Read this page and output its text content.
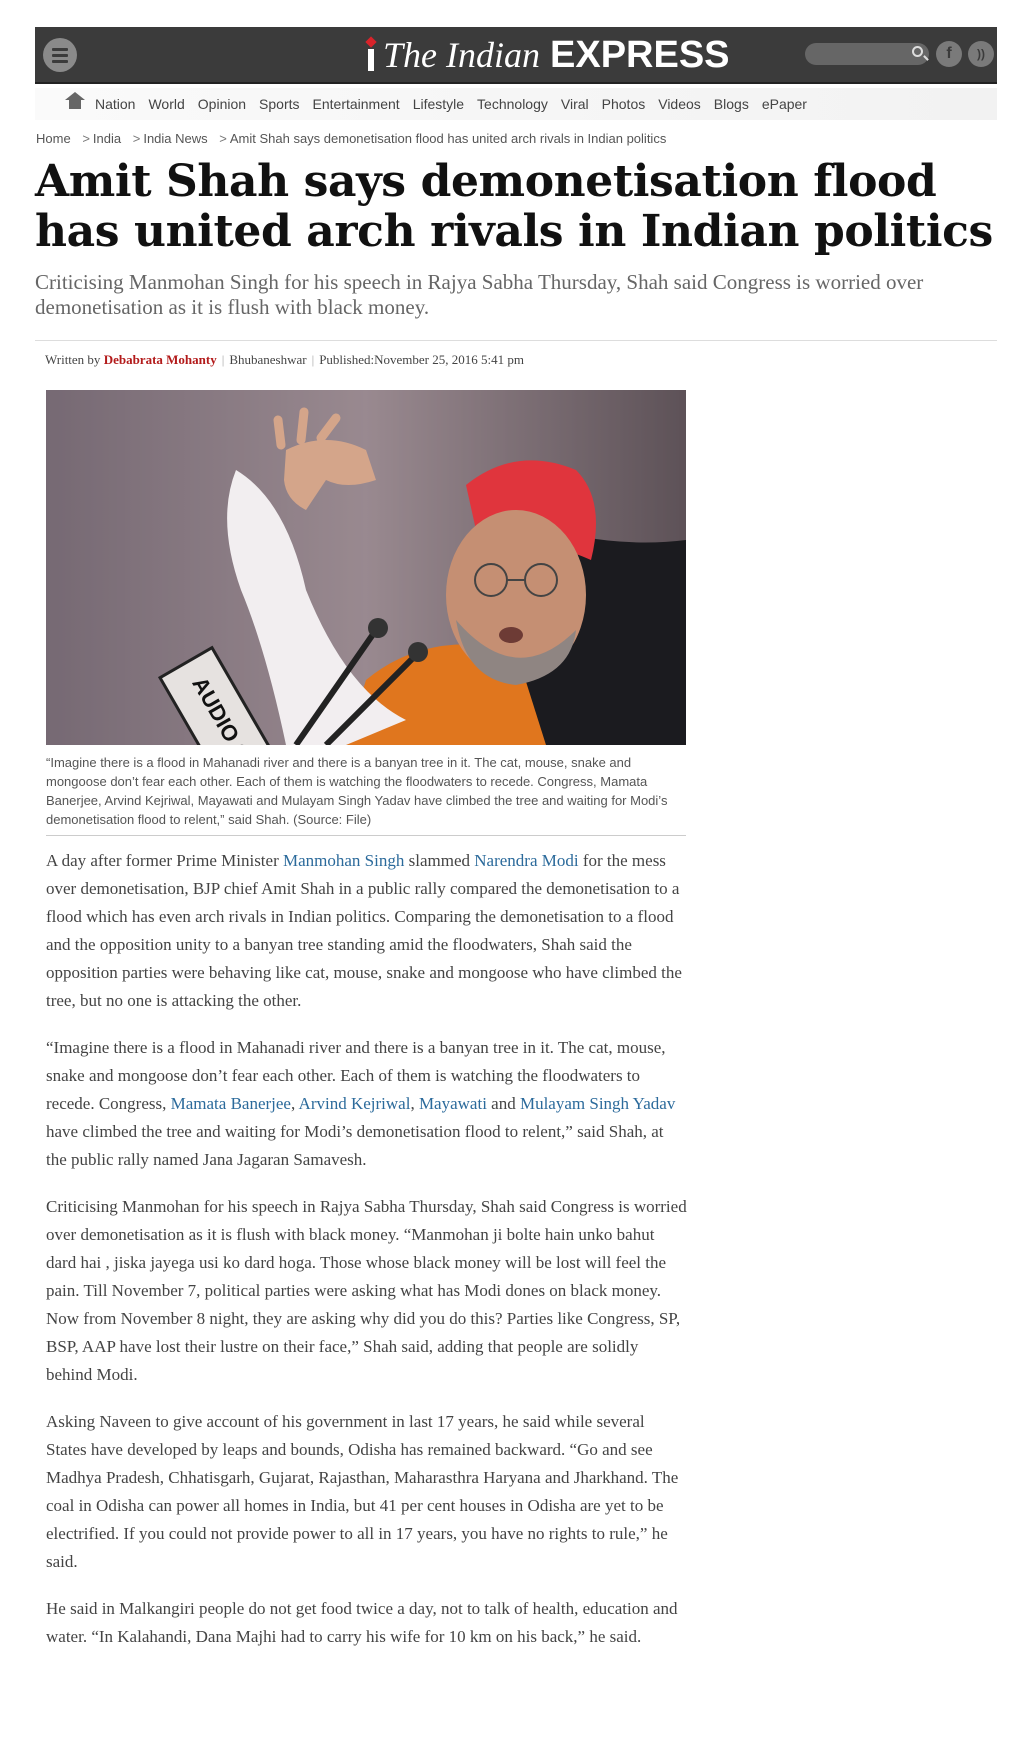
The Indian EXPRESS	f	))
Nation World Opinion Sports Entertainment Lifestyle Technology Viral Photos Videos Blogs ePaper
Home > India > India News > Amit Shah says demonetisation flood has united arch rivals in Indian politics
Amit Shah says demonetisation flood has united arch rivals in Indian politics

Criticising Manmohan Singh for his speech in Rajya Sabha Thursday, Shah said Congress is worried over demonetisation as it is flush with black money.

Written by Debabrata Mohanty | Bhubaneshwar | Published:November 25, 2016 5:41 pm
AUDIO
“Imagine there is a flood in Mahanadi river and there is a banyan tree in it. The cat, mouse, snake and mongoose don’t fear each other. Each of them is watching the floodwaters to recede. Congress, Mamata Banerjee, Arvind Kejriwal, Mayawati and Mulayam Singh Yadav have climbed the tree and waiting for Modi’s demonetisation flood to relent,” said Shah. (Source: File)

A day after former Prime Minister Manmohan Singh slammed Narendra Modi for the mess over demonetisation, BJP chief Amit Shah in a public rally compared the demonetisation to a flood which has even arch rivals in Indian politics. Comparing the demonetisation to a flood and the opposition unity to a banyan tree standing amid the floodwaters, Shah said the opposition parties were behaving like cat, mouse, snake and mongoose who have climbed the tree, but no one is attacking the other.

“Imagine there is a flood in Mahanadi river and there is a banyan tree in it. The cat, mouse, snake and mongoose don’t fear each other. Each of them is watching the floodwaters to recede. Congress, Mamata Banerjee, Arvind Kejriwal, Mayawati and Mulayam Singh Yadav have climbed the tree and waiting for Modi’s demonetisation flood to relent,” said Shah, at the public rally named Jana Jagaran Samavesh.

Criticising Manmohan for his speech in Rajya Sabha Thursday, Shah said Congress is worried over demonetisation as it is flush with black money. “Manmohan ji bolte hain unko bahut dard hai , jiska jayega usi ko dard hoga. Those whose black money will be lost will feel the pain. Till November 7, political parties were asking what has Modi dones on black money. Now from November 8 night, they are asking why did you do this? Parties like Congress, SP, BSP, AAP have lost their lustre on their face,” Shah said, adding that people are solidly behind Modi.

Asking Naveen to give account of his government in last 17 years, he said while several States have developed by leaps and bounds, Odisha has remained backward. “Go and see Madhya Pradesh, Chhatisgarh, Gujarat, Rajasthan, Maharasthra Haryana and Jharkhand. The coal in Odisha can power all homes in India, but 41 per cent houses in Odisha are yet to be electrified. If you could not provide power to all in 17 years, you have no rights to rule,” he said.

He said in Malkangiri people do not get food twice a day, not to talk of health, education and water. “In Kalahandi, Dana Majhi had to carry his wife for 10 km on his back,” he said.
